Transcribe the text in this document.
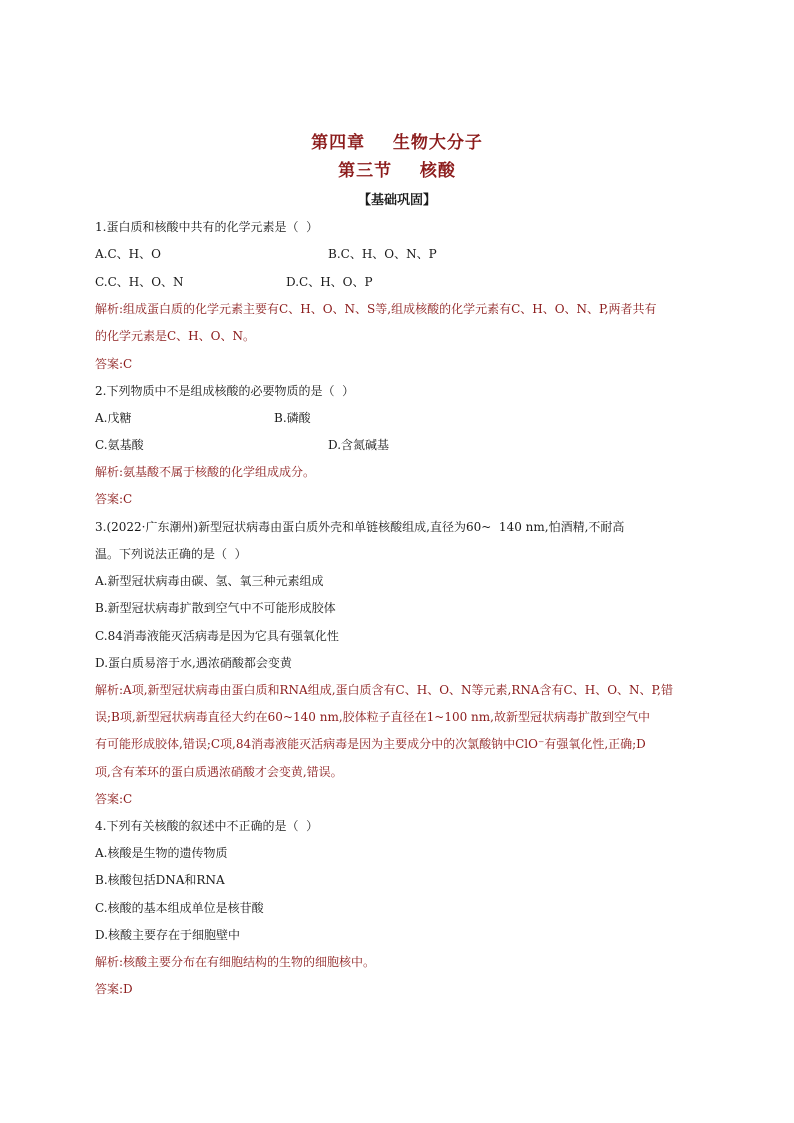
第四章    生物大分子
第三节    核酸
【基础巩固】
1.蛋白质和核酸中共有的化学元素是（  ）
A.C、H、O	B.C、H、O、N、P
C.C、H、O、N	D.C、H、O、P
解析:组成蛋白质的化学元素主要有C、H、O、N、S等,组成核酸的化学元素有C、H、O、N、P,两者共有
的化学元素是C、H、O、N。
答案:C
2.下列物质中不是组成核酸的必要物质的是（  ）
A.戊糖	B.磷酸
C.氨基酸	D.含氮碱基
解析:氨基酸不属于核酸的化学组成成分。
答案:C
3.(2022·广东潮州)新型冠状病毒由蛋白质外壳和单链核酸组成,直径为60~  140 nm,怕酒精,不耐高
温。下列说法正确的是（  ）
A.新型冠状病毒由碳、氢、氧三种元素组成
B.新型冠状病毒扩散到空气中不可能形成胶体
C.84消毒液能灭活病毒是因为它具有强氧化性
D.蛋白质易溶于水,遇浓硝酸都会变黄
解析:A项,新型冠状病毒由蛋白质和RNA组成,蛋白质含有C、H、O、N等元素,RNA含有C、H、O、N、P,错
误;B项,新型冠状病毒直径大约在60~140 nm,胶体粒子直径在1~100 nm,故新型冠状病毒扩散到空气中
有可能形成胶体,错误;C项,84消毒液能灭活病毒是因为主要成分中的次氯酸钠中ClO⁻有强氧化性,正确;D
项,含有苯环的蛋白质遇浓硝酸才会变黄,错误。
答案:C
4.下列有关核酸的叙述中不正确的是（  ）
A.核酸是生物的遗传物质
B.核酸包括DNA和RNA
C.核酸的基本组成单位是核苷酸
D.核酸主要存在于细胞壁中
解析:核酸主要分布在有细胞结构的生物的细胞核中。
答案:D
